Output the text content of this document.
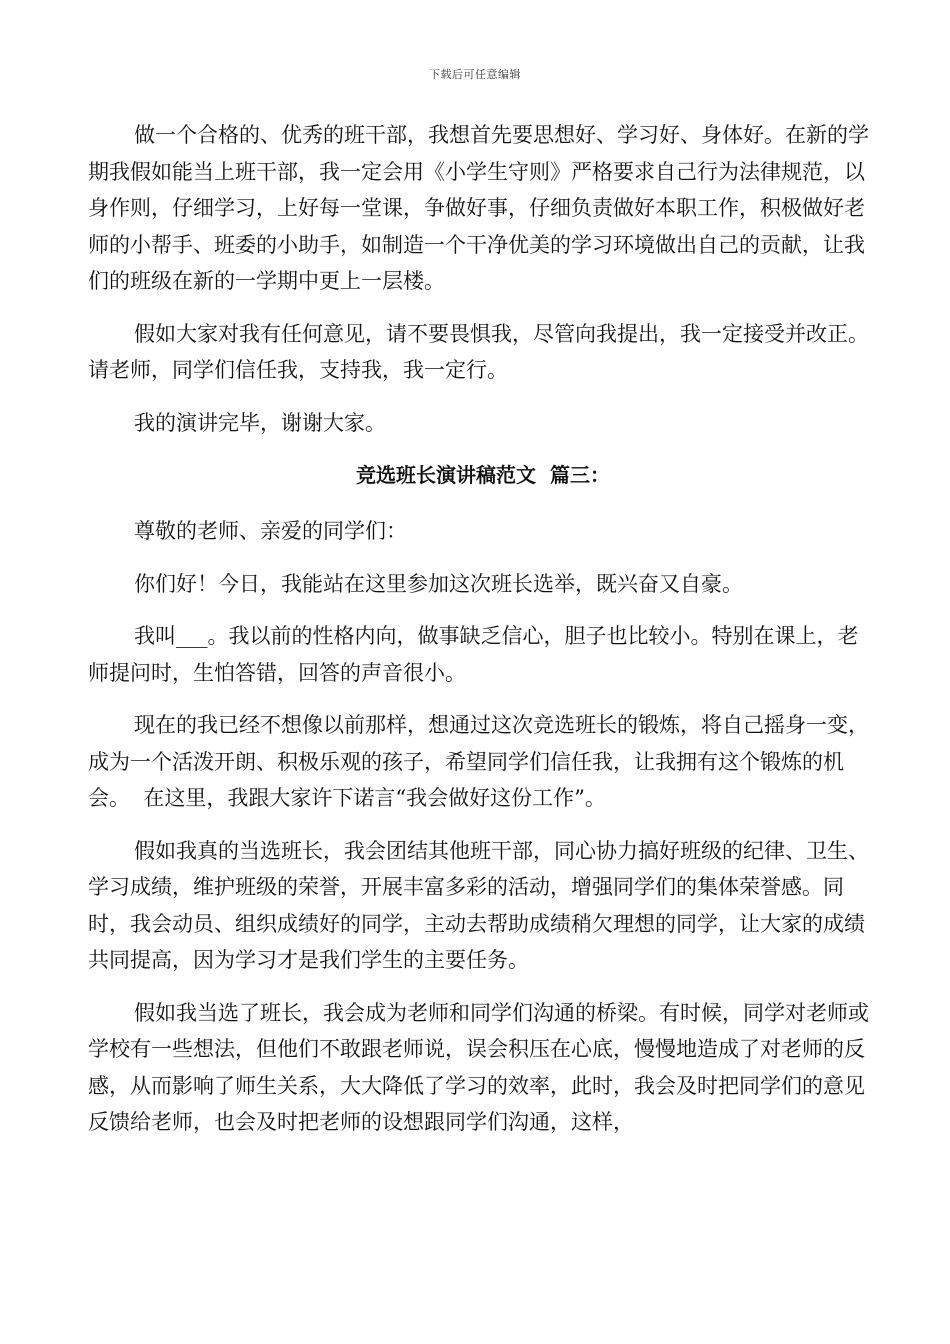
下载后可任意编辑

做一个合格的、优秀的班干部，我想首先要思想好、学习好、身体好。在新的学期我假如能当上班干部，我一定会用《小学生守则》严格要求自己行为法律规范，以身作则，仔细学习，上好每一堂课，争做好事，仔细负责做好本职工作，积极做好老师的小帮手、班委的小助手，如制造一个干净优美的学习环境做出自己的贡献，让我们的班级在新的一学期中更上一层楼。

假如大家对我有任何意见，请不要畏惧我，尽管向我提出，我一定接受并改正。请老师，同学们信任我，支持我，我一定行。

我的演讲完毕，谢谢大家。

竞选班长演讲稿范文  篇三：

尊敬的老师、亲爱的同学们：

你们好！今日，我能站在这里参加这次班长选举，既兴奋又自豪。

我叫___。我以前的性格内向，做事缺乏信心，胆子也比较小。特别在课上，老师提问时，生怕答错，回答的声音很小。

现在的我已经不想像以前那样，想通过这次竞选班长的锻炼，将自己摇身一变，成为一个活泼开朗、积极乐观的孩子，希望同学们信任我，让我拥有这个锻炼的机会。  在这里，我跟大家许下诺言“我会做好这份工作”。

假如我真的当选班长，我会团结其他班干部，同心协力搞好班级的纪律、卫生、学习成绩，维护班级的荣誉，开展丰富多彩的活动，增强同学们的集体荣誉感。同时，我会动员、组织成绩好的同学，主动去帮助成绩稍欠理想的同学，让大家的成绩共同提高，因为学习才是我们学生的主要任务。

假如我当选了班长，我会成为老师和同学们沟通的桥梁。有时候，同学对老师或学校有一些想法，但他们不敢跟老师说，误会积压在心底，慢慢地造成了对老师的反感，从而影响了师生关系，大大降低了学习的效率，此时，我会及时把同学们的意见反馈给老师，也会及时把老师的设想跟同学们沟通，这样，
